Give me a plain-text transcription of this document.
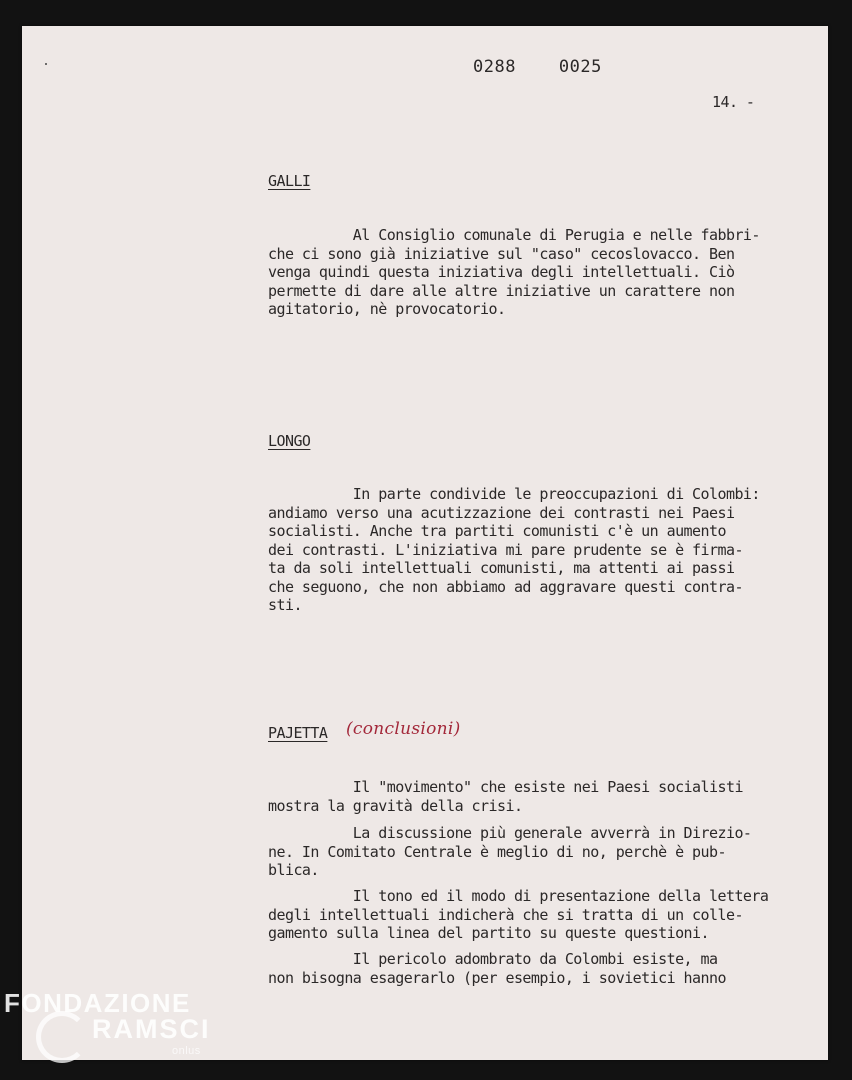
0288    0025
14. -
GALLI
Al Consiglio comunale di Perugia e nelle fabbri-
che ci sono già iniziative sul "caso" cecoslovacco. Ben
venga quindi questa iniziativa degli intellettuali. Ciò
permette di dare alle altre iniziative un carattere non
agitatorio, nè provocatorio.
LONGO
In parte condivide le preoccupazioni di Colombi:
andiamo verso una acutizzazione dei contrasti nei Paesi
socialisti. Anche tra partiti comunisti c'è un aumento
dei contrasti. L'iniziativa mi pare prudente se è firma-
ta da soli intellettuali comunisti, ma attenti ai passi
che seguono, che non abbiamo ad aggravare questi contra-
sti.
PAJETTA (conclusioni)
Il "movimento" che esiste nei Paesi socialisti
mostra la gravità della crisi.
La discussione più generale avverrà in Direzio-
ne. In Comitato Centrale è meglio di no, perchè è pub-
blica.
Il tono ed il modo di presentazione della lettera
degli intellettuali indicherà che si tratta di un colle-
gamento sulla linea del partito su queste questioni.
Il pericolo adombrato da Colombi esiste, ma
non bisogna esagerarlo (per esempio, i sovietici hanno
FONDAZIONE
RAMSCI
onlus
